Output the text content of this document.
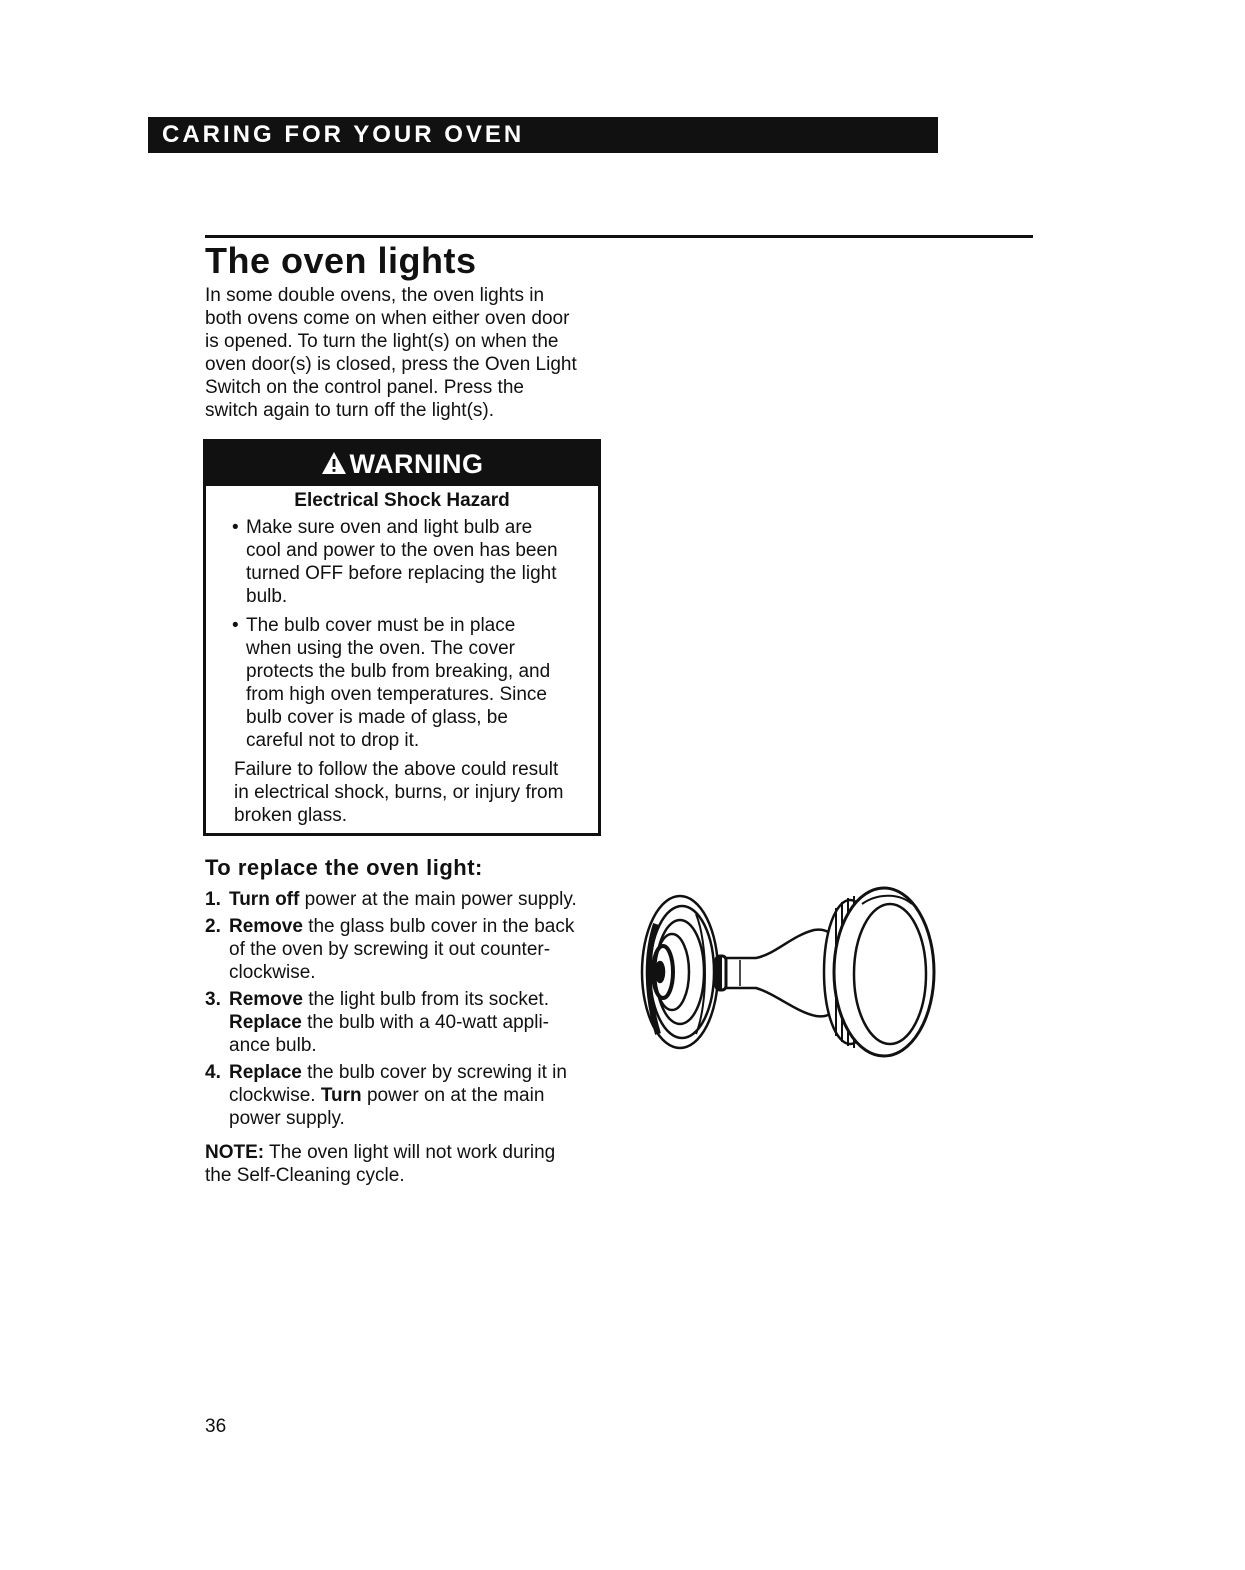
CARING FOR YOUR OVEN
The oven lights
In some double ovens, the oven lights in
both ovens come on when either oven door
is opened. To turn the light(s) on when the
oven door(s) is closed, press the Oven Light
Switch on the control panel. Press the
switch again to turn off the light(s).
WARNING
Electrical Shock Hazard
• Make sure oven and light bulb are
cool and power to the oven has been
turned OFF before replacing the light
bulb.
• The bulb cover must be in place
when using the oven. The cover
protects the bulb from breaking, and
from high oven temperatures. Since
bulb cover is made of glass, be
careful not to drop it.
Failure to follow the above could result
in electrical shock, burns, or injury from
broken glass.
To replace the oven light:
1. Turn off power at the main power supply.
2. Remove the glass bulb cover in the back
of the oven by screwing it out counter-
clockwise.
3. Remove the light bulb from its socket.
Replace the bulb with a 40-watt appli-
ance bulb.
4. Replace the bulb cover by screwing it in
clockwise. Turn power on at the main
power supply.
NOTE: The oven light will not work during
the Self-Cleaning cycle.
36
